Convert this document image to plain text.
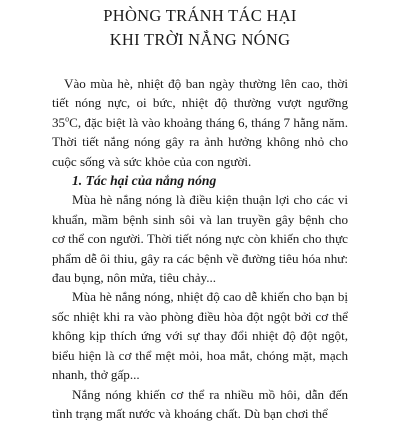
PHÒNG TRÁNH TÁC HẠI
KHI TRỜI NẮNG NÓNG

Vào mùa hè, nhiệt độ ban ngày thường lên cao, thời tiết nóng nực, oi bức, nhiệt độ thường vượt ngưỡng 35$^o$C, đặc biệt là vào khoảng tháng 6, tháng 7 hằng năm. Thời tiết nắng nóng gây ra ảnh hưởng không nhỏ cho cuộc sống và sức khỏe của con người.

1. Tác hại của nắng nóng

Mùa hè nắng nóng là điều kiện thuận lợi cho các vi khuẩn, mầm bệnh sinh sôi và lan truyền gây bệnh cho cơ thể con người. Thời tiết nóng nực còn khiến cho thực phẩm dễ ôi thiu, gây ra các bệnh về đường tiêu hóa như: đau bụng, nôn mửa, tiêu chảy...

Mùa hè nắng nóng, nhiệt độ cao dễ khiến cho bạn bị sốc nhiệt khi ra vào phòng điều hòa đột ngột bởi cơ thể không kịp thích ứng với sự thay đổi nhiệt độ đột ngột, biểu hiện là cơ thể mệt mỏi, hoa mắt, chóng mặt, mạch nhanh, thở gấp...

Nắng nóng khiến cơ thể ra nhiều mồ hôi, dẫn đến tình trạng mất nước và khoáng chất. Dù bạn chơi thể
